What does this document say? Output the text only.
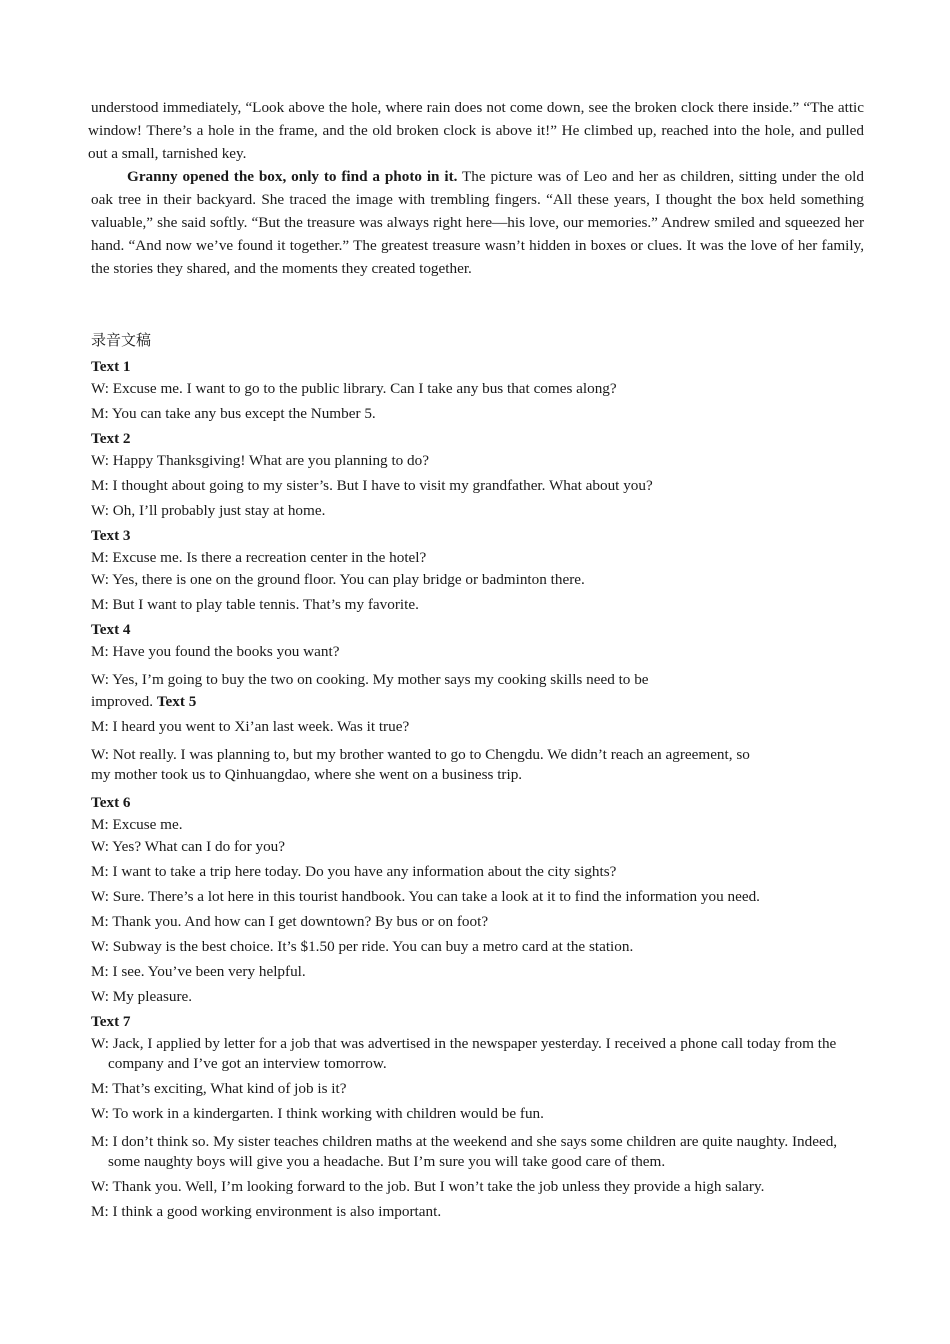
understood immediately, “Look above the hole, where rain does not come down, see the broken clock there inside.” “The attic window! There’s a hole in the frame, and the old broken clock is above it!” He climbed up, reached into the hole, and pulled out a small, tarnished key.

Granny opened the box, only to find a photo in it. The picture was of Leo and her as children, sitting under the old oak tree in their backyard. She traced the image with trembling fingers. “All these years, I thought the box held something valuable,” she said softly. “But the treasure was always right here—his love, our memories.” Andrew smiled and squeezed her hand. “And now we’ve found it together.” The greatest treasure wasn’t hidden in boxes or clues. It was the love of her family, the stories they shared, and the moments they created together.

录音文稿
Text 1
W: Excuse me. I want to go to the public library. Can I take any bus that comes along?
M: You can take any bus except the Number 5.
Text 2
W: Happy Thanksgiving! What are you planning to do?
M: I thought about going to my sister’s. But I have to visit my grandfather. What about you?
W: Oh, I’ll probably just stay at home.
Text 3
M: Excuse me. Is there a recreation center in the hotel?
W: Yes, there is one on the ground floor. You can play bridge or badminton there.
M: But I want to play table tennis. That’s my favorite.
Text 4
M: Have you found the books you want?
W: Yes, I’m going to buy the two on cooking. My mother says my cooking skills need to be
improved. Text 5
M: I heard you went to Xi’an last week. Was it true?
W: Not really. I was planning to, but my brother wanted to go to Chengdu. We didn’t reach an agreement, so
my mother took us to Qinhuangdao, where she went on a business trip.
Text 6
M: Excuse me.
W: Yes? What can I do for you?
M: I want to take a trip here today. Do you have any information about the city sights?
W: Sure. There’s a lot here in this tourist handbook. You can take a look at it to find the information you need.
M: Thank you. And how can I get downtown? By bus or on foot?
W: Subway is the best choice. It’s $1.50 per ride. You can buy a metro card at the station.
M: I see. You’ve been very helpful.
W: My pleasure.
Text 7
W: Jack, I applied by letter for a job that was advertised in the newspaper yesterday. I received a phone call today from the company and I’ve got an interview tomorrow.
M: That’s exciting, What kind of job is it?
W: To work in a kindergarten. I think working with children would be fun.
M: I don’t think so. My sister teaches children maths at the weekend and she says some children are quite naughty. Indeed, some naughty boys will give you a headache. But I’m sure you will take good care of them.
W: Thank you. Well, I’m looking forward to the job. But I won’t take the job unless they provide a high salary.
M: I think a good working environment is also important.
